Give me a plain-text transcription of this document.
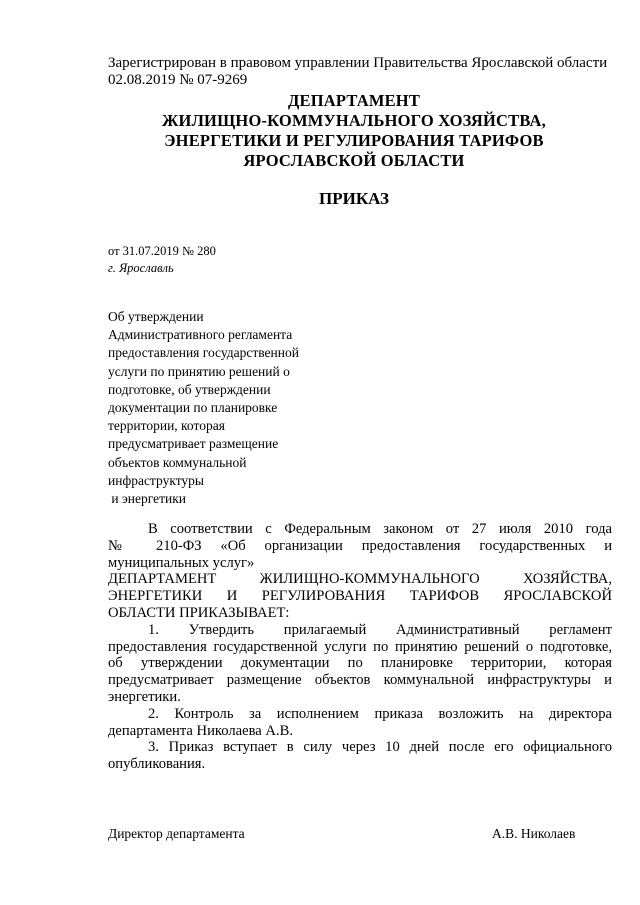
Зарегистрирован в правовом управлении Правительства Ярославской области
02.08.2019 № 07-9269
ДЕПАРТАМЕНТ
ЖИЛИЩНО-КОММУНАЛЬНОГО ХОЗЯЙСТВА,
ЭНЕРГЕТИКИ И РЕГУЛИРОВАНИЯ ТАРИФОВ
ЯРОСЛАВСКОЙ ОБЛАСТИ
ПРИКАЗ
от 31.07.2019 № 280
г. Ярославль
Об утверждении
Административного регламента
предоставления государственной
услуги по принятию решений о
подготовке, об утверждении
документации по планировке
территории, которая
предусматривает размещение
объектов коммунальной
инфраструктуры
и энергетики
В соответствии с Федеральным законом от 27 июля 2010 года
№ 210-ФЗ «Об организации предоставления государственных и
муниципальных услуг»
ДЕПАРТАМЕНТ ЖИЛИЩНО-КОММУНАЛЬНОГО ХОЗЯЙСТВА,
ЭНЕРГЕТИКИ И РЕГУЛИРОВАНИЯ ТАРИФОВ ЯРОСЛАВСКОЙ
ОБЛАСТИ ПРИКАЗЫВАЕТ:
1. Утвердить прилагаемый Административный регламент
предоставления государственной услуги по принятию решений о подготовке,
об утверждении документации по планировке территории, которая
предусматривает размещение объектов коммунальной инфраструктуры и
энергетики.
2. Контроль за исполнением приказа возложить на директора
департамента Николаева А.В.
3. Приказ вступает в силу через 10 дней после его официального
опубликования.
Директор департамента	А.В. Николаев
